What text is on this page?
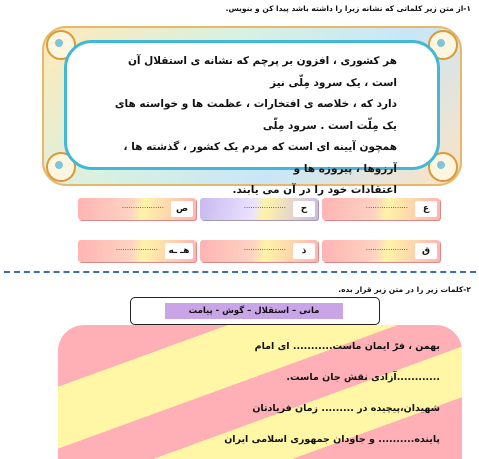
۱-از متن زیر کلماتی که نشانه زیرا را داشته باشد پیدا کن و بنویس.
هر کشوری ، افزون بر پرچم که نشانه ی استقلال آن است ، یک سرود مِلّی نیز
دارد که ، خلاصه ی افتخارات ، عظمت ها و خواسته های یک مِلّت است . سرود مِلّی
همچون آیینه ای است که مردم یک کشور ، گذشته ها ، آرزوها ، پیروزه ها و
اعتقادات خود را در آن می یابند.
ع
...................
ح
...................
ص
...................
ق
...................
ذ
...................
هـ ـه
...................
۲-کلمات زیر را در متن زیر قرار بده.
مانی – استقلال – گوش - پیامت
بهمن ، فرّ ایمان ماست........... ای امام
............آزادی نقش جان ماست.
شهیدان،پیچیده در ......... زمان فریادتان
پاینده.......... و جاودان جمهوری اسلامی ایران
